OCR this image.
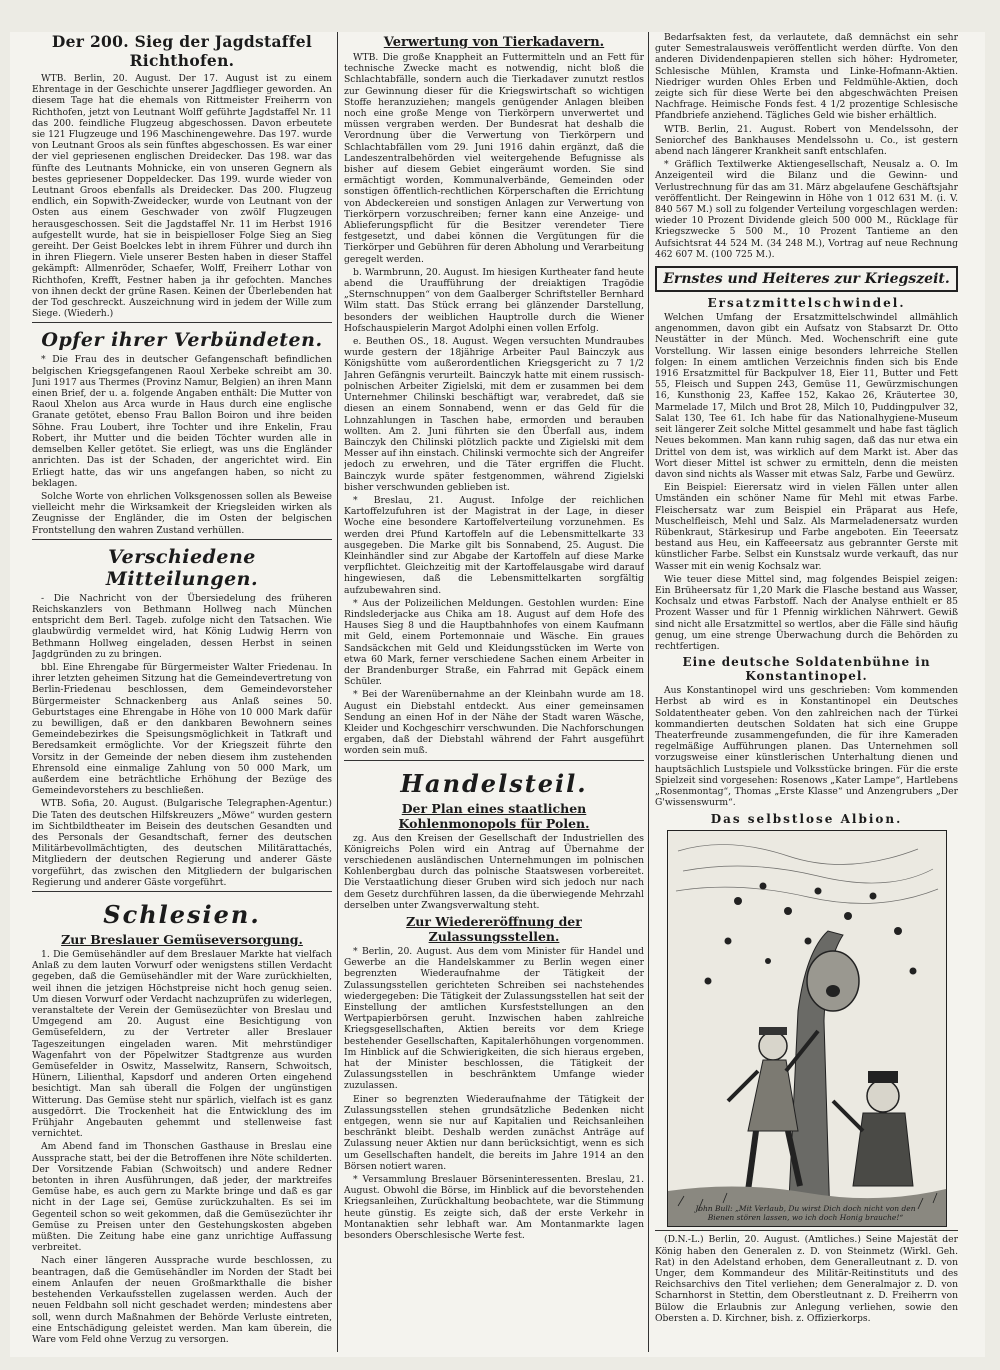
Der 200. Sieg der Jagdstaffel Richthofen.

WTB. Berlin, 20. August. Der 17. August ist zu einem Ehrentage in der Geschichte unserer Jagdflieger geworden. An diesem Tage hat die ehemals von Rittmeister Freiherrn von Richthofen, jetzt von Leutnant Wolff geführte Jagdstaffel Nr. 11 das 200. feindliche Flugzeug abgeschossen. Davon erbeutete sie 121 Flugzeuge und 196 Maschinengewehre. Das 197. wurde von Leutnant Groos als sein fünftes abgeschossen. Es war einer der viel gepriesenen englischen Dreidecker. Das 198. war das fünfte des Leutnants Mohnicke, ein von unseren Gegnern als bestes gepriesener Doppeldecker. Das 199. wurde wieder von Leutnant Groos ebenfalls als Dreidecker. Das 200. Flugzeug endlich, ein Sopwith-Zweidecker, wurde von Leutnant von der Osten aus einem Geschwader von zwölf Flugzeugen herausgeschossen. Seit die Jagdstaffel Nr. 11 im Herbst 1916 aufgestellt wurde, hat sie in beispielloser Folge Sieg an Sieg gereiht. Der Geist Boelckes lebt in ihrem Führer und durch ihn in ihren Fliegern. Viele unserer Besten haben in dieser Staffel gekämpft: Allmenröder, Schaefer, Wolff, Freiherr Lothar von Richthofen, Krefft, Festner haben ja ihr gefochten. Manches von ihnen deckt der grüne Rasen. Keinen der Überlebenden hat der Tod geschreckt. Auszeichnung wird in jedem der Wille zum Siege. (Wiederh.)

Opfer ihrer Verbündeten.

* Die Frau des in deutscher Gefangenschaft befindlichen belgischen Kriegsgefangenen Raoul Xerbeke schreibt am 30. Juni 1917 aus Thermes (Provinz Namur, Belgien) an ihren Mann einen Brief, der u. a. folgende Angaben enthält: Die Mutter von Raoul Xhelon aus Arca wurde in Haus durch eine englische Granate getötet, ebenso Frau Ballon Boiron und ihre beiden Söhne. Frau Loubert, ihre Tochter und ihre Enkelin, Frau Robert, ihr Mutter und die beiden Töchter wurden alle in demselben Keller getötet. Sie erliegt, was uns die Engländer anrichten. Das ist der Schaden, der angerichtet wird. Ein Erliegt hatte, das wir uns angefangen haben, so nicht zu beklagen.

Solche Worte von ehrlichen Volksgenossen sollen als Beweise vielleicht mehr die Wirksamkeit der Kriegsleiden wirken als Zeugnisse der Engländer, die im Osten der belgischen Frontstellung den wahren Zustand verhüllen.

Verschiedene Mitteilungen.

- Die Nachricht von der Übersiedelung des früheren Reichskanzlers von Bethmann Hollweg nach München entspricht dem Berl. Tageb. zufolge nicht den Tatsachen. Wie glaubwürdig vermeldet wird, hat König Ludwig Herrn von Bethmann Hollweg eingeladen, dessen Herbst in seinen Jagdgründen zu zu bringen.

bbl. Eine Ehrengabe für Bürgermeister Walter Friedenau. In ihrer letzten geheimen Sitzung hat die Gemeindevertretung von Berlin-Friedenau beschlossen, dem Gemeindevorsteher Bürgermeister Schnackenberg aus Anlaß seines 50. Geburtstages eine Ehrengabe in Höhe von 10 000 Mark dafür zu bewilligen, daß er den dankbaren Bewohnern seines Gemeindebezirkes die Speisungsmöglichkeit in Tatkraft und Beredsamkeit ermöglichte. Vor der Kriegszeit führte den Vorsitz in der Gemeinde der neben diesem ihm zustehenden Ehrensold eine einmalige Zahlung von 50 000 Mark, um außerdem eine beträchtliche Erhöhung der Bezüge des Gemeindevorstehers zu beschließen.

WTB. Sofia, 20. August. (Bulgarische Telegraphen-Agentur.) Die Taten des deutschen Hilfskreuzers „Möwe“ wurden gestern im Sichtbildtheater im Beisein des deutschen Gesandten und des Personals der Gesandtschaft, ferner des deutschen Militärbevollmächtigten, des deutschen Militärattachés, Mitgliedern der deutschen Regierung und anderer Gäste vorgeführt, das zwischen den Mitgliedern der bulgarischen Regierung und anderer Gäste vorgeführt.

Schlesien.
Zur Breslauer Gemüseversorgung.

1. Die Gemüsehändler auf dem Breslauer Markte hat vielfach Anlaß zu dem lauten Vorwurf oder wenigstens stillen Verdacht gegeben, daß die Gemüsehändler mit der Ware zurückhielten, weil ihnen die jetzigen Höchstpreise nicht hoch genug seien. Um diesen Vorwurf oder Verdacht nachzuprüfen zu widerlegen, veranstaltete der Verein der Gemüsezüchter von Breslau und Umgegend am 20. August eine Besichtigung von Gemüsefeldern, zu der Vertreter aller Breslauer Tageszeitungen eingeladen waren. Mit mehrstündiger Wagenfahrt von der Pöpelwitzer Stadtgrenze aus wurden Gemüsefelder in Oswitz, Masselwitz, Ransern, Schwoitsch, Hünern, Lilienthal, Kapsdorf und anderen Orten eingehend besichtigt. Man sah überall die Folgen der ungünstigen Witterung. Das Gemüse steht nur spärlich, vielfach ist es ganz ausgedörrt. Die Trockenheit hat die Entwicklung des im Frühjahr Angebauten gehemmt und stellenweise fast vernichtet.

Am Abend fand im Thonschen Gasthause in Breslau eine Aussprache statt, bei der die Betroffenen ihre Nöte schilderten. Der Vorsitzende Fabian (Schwoitsch) und andere Redner betonten in ihren Ausführungen, daß jeder, der marktreifes Gemüse habe, es auch gern zu Markte bringe und daß es gar nicht in der Lage sei, Gemüse zurückzuhalten. Es sei im Gegenteil schon so weit gekommen, daß die Gemüsezüchter ihr Gemüse zu Preisen unter den Gestehungskosten abgeben müßten. Die Zeitung habe eine ganz unrichtige Auffassung verbreitet.

Nach einer längeren Aussprache wurde beschlossen, zu beantragen, daß die Gemüsehändler im Norden der Stadt bei einem Anlaufen der neuen Großmarkthalle die bisher bestehenden Verkaufsstellen zugelassen werden. Auch der neuen Feldbahn soll nicht geschadet werden; mindestens aber soll, wenn durch Maßnahmen der Behörde Verluste eintreten, eine Entschädigung geleistet werden. Man kam überein, die Ware vom Feld ohne Verzug zu versorgen.

Verwertung von Tierkadavern.

WTB. Die große Knappheit an Futtermitteln und an Fett für technische Zwecke macht es notwendig, nicht bloß die Schlachtabfälle, sondern auch die Tierkadaver zunutzt restlos zur Gewinnung dieser für die Kriegswirtschaft so wichtigen Stoffe heranzuziehen; mangels genügender Anlagen bleiben noch eine große Menge von Tierkörpern unverwertet und müssen vergraben werden. Der Bundesrat hat deshalb die Verordnung über die Verwertung von Tierkörpern und Schlachtabfällen vom 29. Juni 1916 dahin ergänzt, daß die Landeszentralbehörden viel weitergehende Befugnisse als bisher auf diesem Gebiet eingeräumt worden. Sie sind ermächtigt worden, Kommunalverbände, Gemeinden oder sonstigen öffentlich-rechtlichen Körperschaften die Errichtung von Abdeckereien und sonstigen Anlagen zur Verwertung von Tierkörpern vorzuschreiben; ferner kann eine Anzeige- und Ablieferungspflicht für die Besitzer verendeter Tiere festgesetzt, und dabei können die Vergütungen für die Tierkörper und Gebühren für deren Abholung und Verarbeitung geregelt werden.

b. Warmbrunn, 20. August. Im hiesigen Kurtheater fand heute abend die Uraufführung der dreiaktigen Tragödie „Sternschnuppen“ von dem Gaalberger Schriftsteller Bernhard Wilm statt. Das Stück errang bei glänzender Darstellung, besonders der weiblichen Hauptrolle durch die Wiener Hofschauspielerin Margot Adolphi einen vollen Erfolg.

e. Beuthen OS., 18. August. Wegen versuchten Mundraubes wurde gestern der 18jährige Arbeiter Paul Bainczyk aus Königshütte vom außerordentlichen Kriegsgericht zu 7 1/2 Jahren Gefängnis verurteilt. Bainczyk hatte mit einem russisch-polnischen Arbeiter Zigielski, mit dem er zusammen bei dem Unternehmer Chilinski beschäftigt war, verabredet, daß sie diesen an einem Sonnabend, wenn er das Geld für die Lohnzahlungen in Taschen habe, ermorden und berauben wollten. Am 2. Juni führten sie den Überfall aus, indem Bainczyk den Chilinski plötzlich packte und Zigielski mit dem Messer auf ihn einstach. Chilinski vermochte sich der Angreifer jedoch zu erwehren, und die Täter ergriffen die Flucht. Bainczyk wurde später festgenommen, während Zigielski bisher verschwunden geblieben ist.

* Breslau, 21. August. Infolge der reichlichen Kartoffelzufuhren ist der Magistrat in der Lage, in dieser Woche eine besondere Kartoffelverteilung vorzunehmen. Es werden drei Pfund Kartoffeln auf die Lebensmittelkarte 33 ausgegeben. Die Marke gilt bis Sonnabend, 25. August. Die Kleinhändler sind zur Abgabe der Kartoffeln auf diese Marke verpflichtet. Gleichzeitig mit der Kartoffelausgabe wird darauf hingewiesen, daß die Lebensmittelkarten sorgfältig aufzubewahren sind.

* Aus der Polizeilichen Meldungen. Gestohlen wurden: Eine Rindslederjacke aus Chika am 18. August auf dem Hofe des Hauses Sieg 8 und die Hauptbahnhofes von einem Kaufmann mit Geld, einem Portemonnaie und Wäsche. Ein graues Sandsäckchen mit Geld und Kleidungsstücken im Werte von etwa 60 Mark, ferner verschiedene Sachen einem Arbeiter in der Brandenburger Straße, ein Fahrrad mit Gepäck einem Schüler.

* Bei der Warenübernahme an der Kleinbahn wurde am 18. August ein Diebstahl entdeckt. Aus einer gemeinsamen Sendung an einen Hof in der Nähe der Stadt waren Wäsche, Kleider und Kochgeschirr verschwunden. Die Nachforschungen ergaben, daß der Diebstahl während der Fahrt ausgeführt worden sein muß.

Handelsteil.
Der Plan eines staatlichen Kohlenmonopols für Polen.

zg. Aus den Kreisen der Gesellschaft der Industriellen des Königreichs Polen wird ein Antrag auf Übernahme der verschiedenen ausländischen Unternehmungen im polnischen Kohlenbergbau durch das polnische Staatswesen vorbereitet. Die Verstaatlichung dieser Gruben wird sich jedoch nur nach dem Gesetz durchführen lassen, da die überwiegende Mehrzahl derselben unter Zwangsverwaltung steht.

Zur Wiedereröffnung der Zulassungsstellen.

* Berlin, 20. August. Aus dem vom Minister für Handel und Gewerbe an die Handelskammer zu Berlin wegen einer begrenzten Wiederaufnahme der Tätigkeit der Zulassungsstellen gerichteten Schreiben sei nachstehendes wiedergegeben: Die Tätigkeit der Zulassungsstellen hat seit der Einstellung der amtlichen Kursfeststellungen an den Wertpapierbörsen geruht. Inzwischen haben zahlreiche Kriegsgesellschaften, Aktien bereits vor dem Kriege bestehender Gesellschaften, Kapitalerhöhungen vorgenommen. Im Hinblick auf die Schwierigkeiten, die sich hieraus ergeben, hat der Minister beschlossen, die Tätigkeit der Zulassungsstellen in beschränktem Umfange wieder zuzulassen.

Einer so begrenzten Wiederaufnahme der Tätigkeit der Zulassungsstellen stehen grundsätzliche Bedenken nicht entgegen, wenn sie nur auf Kapitalien und Reichsanleihen beschränkt bleibt. Deshalb werden zunächst Anträge auf Zulassung neuer Aktien nur dann berücksichtigt, wenn es sich um Gesellschaften handelt, die bereits im Jahre 1914 an den Börsen notiert waren.

* Versammlung Breslauer Börseninteressenten. Breslau, 21. August. Obwohl die Börse, im Hinblick auf die bevorstehenden Kriegsanleihen, Zurückhaltung beobachtete, war die Stimmung heute günstig. Es zeigte sich, daß der erste Verkehr in Montanaktien sehr lebhaft war. Am Montanmarkte lagen besonders Oberschlesische Werte fest.

Bedarfsakten fest, da verlautete, daß demnächst ein sehr guter Semestralausweis veröffentlicht werden dürfte. Von den anderen Dividendenpapieren stellen sich höher: Hydrometer, Schlesische Mühlen, Kramsta und Linke-Hofmann-Aktien. Niedriger wurden Ohles Erben und Feldmühle-Aktien, doch zeigte sich für diese Werte bei den abgeschwächten Preisen Nachfrage. Heimische Fonds fest. 4 1/2 prozentige Schlesische Pfandbriefe anziehend. Tägliches Geld wie bisher erhältlich.

WTB. Berlin, 21. August. Robert von Mendelssohn, der Seniorchef des Bankhauses Mendelssohn u. Co., ist gestern abend nach längerer Krankheit sanft entschlafen.

* Gräflich Textilwerke Aktiengesellschaft, Neusalz a. O. Im Anzeigenteil wird die Bilanz und die Gewinn- und Verlustrechnung für das am 31. März abgelaufene Geschäftsjahr veröffentlicht. Der Reingewinn in Höhe von 1 012 631 M. (i. V. 840 567 M.) soll zu folgender Verteilung vorgeschlagen werden: wieder 10 Prozent Dividende gleich 500 000 M., Rücklage für Kriegszwecke 5 500 M., 10 Prozent Tantieme an den Aufsichtsrat 44 524 M. (34 248 M.), Vortrag auf neue Rechnung 462 607 M. (100 725 M.).

Ernstes und Heiteres zur Kriegszeit.
Ersatzmittelschwindel.

Welchen Umfang der Ersatzmittelschwindel allmählich angenommen, davon gibt ein Aufsatz von Stabsarzt Dr. Otto Neustätter in der Münch. Med. Wochenschrift eine gute Vorstellung. Wir lassen einige besonders lehrreiche Stellen folgen: In einem amtlichen Verzeichnis finden sich bis Ende 1916 Ersatzmittel für Backpulver 18, Eier 11, Butter und Fett 55, Fleisch und Suppen 243, Gemüse 11, Gewürzmischungen 16, Kunsthonig 23, Kaffee 152, Kakao 26, Kräutertee 30, Marmelade 17, Milch und Brot 28, Milch 10, Puddingpulver 32, Salat 130, Tee 61. Ich habe für das Nationalhygiene-Museum seit längerer Zeit solche Mittel gesammelt und habe fast täglich Neues bekommen. Man kann ruhig sagen, daß das nur etwa ein Drittel von dem ist, was wirklich auf dem Markt ist. Aber das Wort dieser Mittel ist schwer zu ermitteln, denn die meisten davon sind nichts als Wasser mit etwas Salz, Farbe und Gewürz.

Ein Beispiel: Eierersatz wird in vielen Fällen unter allen Umständen ein schöner Name für Mehl mit etwas Farbe. Fleischersatz war zum Beispiel ein Präparat aus Hefe, Muschelfleisch, Mehl und Salz. Als Marmeladenersatz wurden Rübenkraut, Stärkesirup und Farbe angeboten. Ein Teeersatz bestand aus Heu, ein Kaffeeersatz aus gebrannter Gerste mit künstlicher Farbe. Selbst ein Kunstsalz wurde verkauft, das nur Wasser mit ein wenig Kochsalz war.

Wie teuer diese Mittel sind, mag folgendes Beispiel zeigen: Ein Brüheersatz für 1,20 Mark die Flasche bestand aus Wasser, Kochsalz und etwas Farbstoff. Nach der Analyse enthielt er 85 Prozent Wasser und für 1 Pfennig wirklichen Nährwert. Gewiß sind nicht alle Ersatzmittel so wertlos, aber die Fälle sind häufig genug, um eine strenge Überwachung durch die Behörden zu rechtfertigen.

Eine deutsche Soldatenbühne in Konstantinopel.

Aus Konstantinopel wird uns geschrieben: Vom kommenden Herbst ab wird es in Konstantinopel ein Deutsches Soldatentheater geben. Von den zahlreichen nach der Türkei kommandierten deutschen Soldaten hat sich eine Gruppe Theaterfreunde zusammengefunden, die für ihre Kameraden regelmäßige Aufführungen planen. Das Unternehmen soll vorzugsweise einer künstlerischen Unterhaltung dienen und hauptsächlich Lustspiele und Volksstücke bringen. Für die erste Spielzeit sind vorgesehen: Rosenows „Kater Lampe“, Hartlebens „Rosenmontag“, Thomas „Erste Klasse“ und Anzengrubers „Der G'wissenswurm“.

Das selbstlose Albion.
John Bull: „Mit Verlaub, Du wirst Dich doch nicht von den Bienen stören lassen, wo ich doch Honig brauche!“

(D.N.-L.) Berlin, 20. August. (Amtliches.) Seine Majestät der König haben den Generalen z. D. von Steinmetz (Wirkl. Geh. Rat) in den Adelstand erhoben, dem Generalleutnant z. D. von Unger, dem Kommandeur des Militär-Reitinstituts und des Reichsarchivs den Titel verliehen; dem Generalmajor z. D. von Scharnhorst in Stettin, dem Oberstleutnant z. D. Freiherrn von Bülow die Erlaubnis zur Anlegung verliehen, sowie den Obersten a. D. Kirchner, bish. z. Offizierkorps.
